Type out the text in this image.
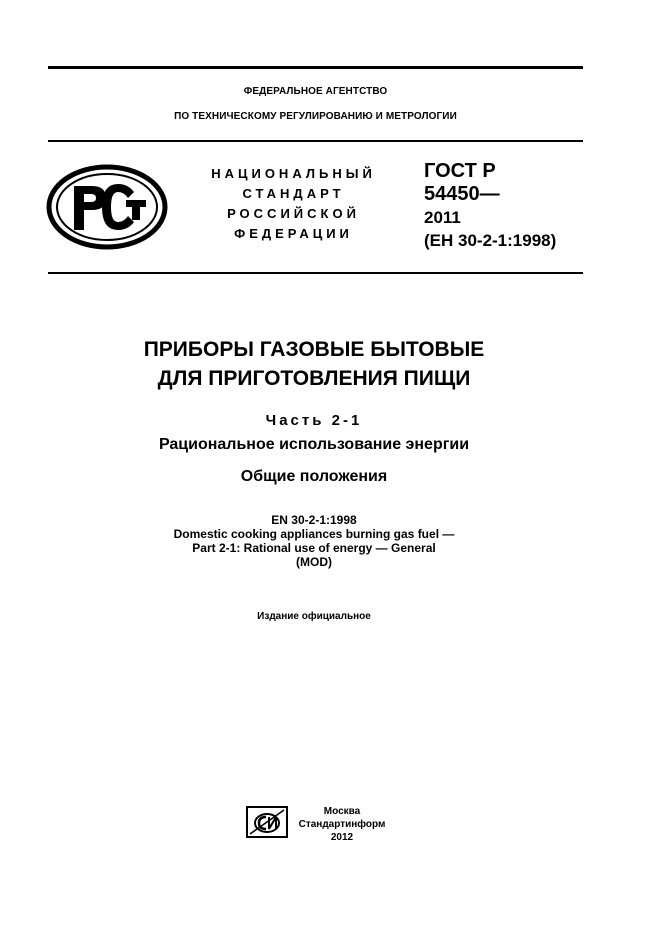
ФЕДЕРАЛЬНОЕ АГЕНТСТВО
ПО ТЕХНИЧЕСКОМУ РЕГУЛИРОВАНИЮ И МЕТРОЛОГИИ
НАЦИОНАЛЬНЫЙ
СТАНДАРТ
РОССИЙСКОЙ
ФЕДЕРАЦИИ
ГОСТ Р
54450—
2011
(ЕН 30-2-1:1998)
ПРИБОРЫ ГАЗОВЫЕ БЫТОВЫЕ
ДЛЯ ПРИГОТОВЛЕНИЯ ПИЩИ
Часть 2-1
Рациональное использование энергии
Общие положения
EN 30-2-1:1998
Domestic cooking appliances burning gas fuel —
Part 2-1: Rational use of energy — General
(MOD)
Издание официальное
Москва
Стандартинформ
2012
